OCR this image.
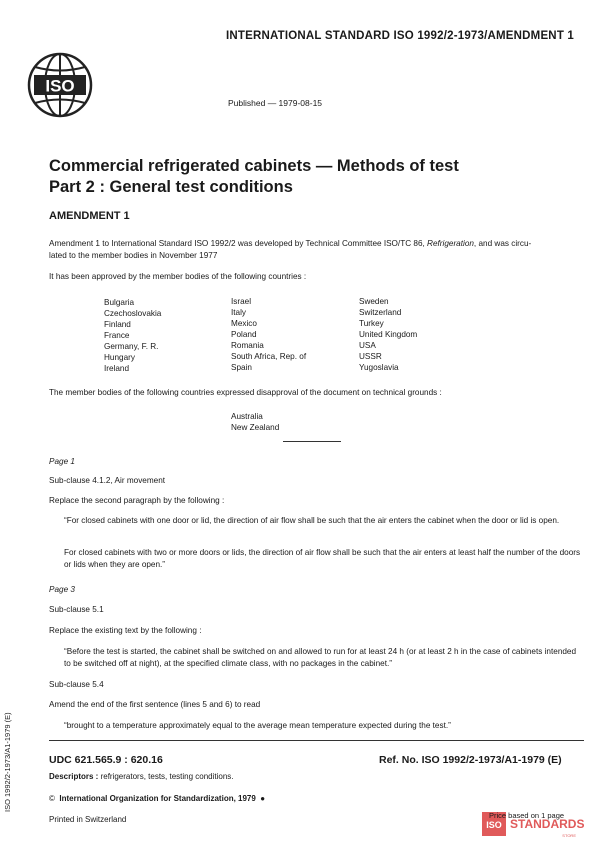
INTERNATIONAL STANDARD ISO 1992/2-1973/AMENDMENT 1
ISO
Published — 1979-08-15
Commercial refrigerated cabinets — Methods of test
Part 2 : General test conditions
AMENDMENT 1
Amendment 1 to International Standard ISO 1992/2 was developed by Technical Committee ISO/TC 86, Refrigeration, and was circu-
lated to the member bodies in November 1977
It has been approved by the member bodies of the following countries :
Bulgaria
Czechoslovakia
Finland
France
Germany, F. R.
Hungary
Ireland
Israel
Italy
Mexico
Poland
Romania
South Africa, Rep. of
Spain
Sweden
Switzerland
Turkey
United Kingdom
USA
USSR
Yugoslavia
The member bodies of the following countries expressed disapproval of the document on technical grounds :
Australia
New Zealand
Page 1
Sub-clause 4.1.2, Air movement
Replace the second paragraph by the following :
“For closed cabinets with one door or lid, the direction of air flow shall be such that the air enters the cabinet when the door or lid is open.
For closed cabinets with two or more doors or lids, the direction of air flow shall be such that the air enters at least half the number of the doors or lids when they are open.”
Page 3
Sub-clause 5.1
Replace the existing text by the following :
“Before the test is started, the cabinet shall be switched on and allowed to run for at least 24 h (or at least 2 h in the case of cabinets intended to be switched off at night), at the specified climate class, with no packages in the cabinet.”
Sub-clause 5.4
Amend the end of the first sentence (lines 5 and 6) to read
“brought to a temperature approximately equal to the average mean temperature expected during the test.”
UDC 621.565.9 : 620.16	Ref. No. ISO 1992/2-1973/A1-1979 (E)
Descriptors : refrigerators, tests, testing conditions.
© International Organization for Standardization, 1979 ●
Printed in Switzerland
ISO 1992/2-1973/A1-1979 (E)
ISO STANDARDS
STORE
Price based on 1 page
